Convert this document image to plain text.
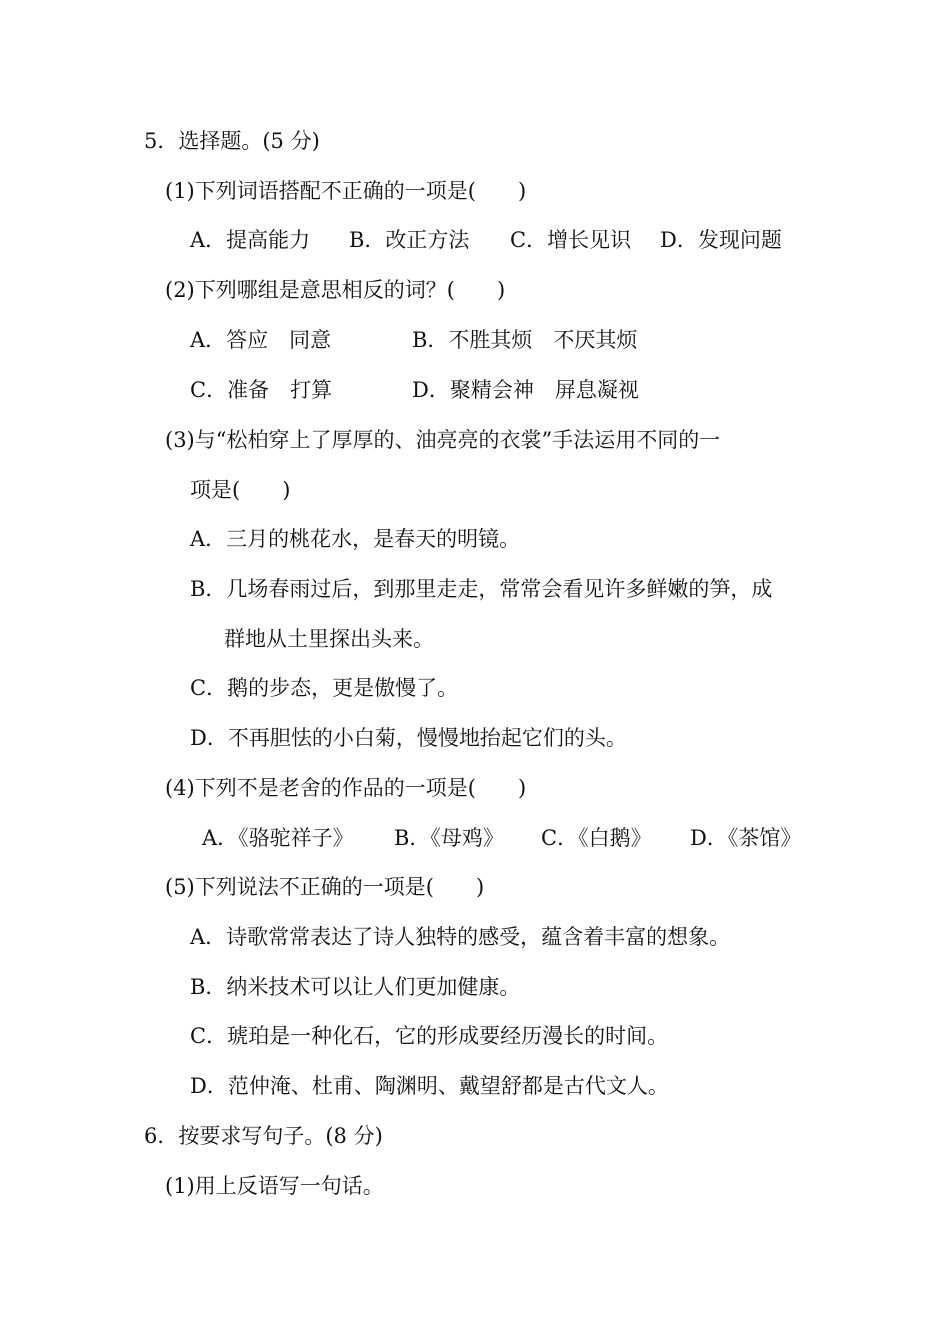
5．选择题。(5 分)
(1)下列词语搭配不正确的一项是(　　)
A．提高能力 B．改正方法 C．增长见识 D．发现问题
(2)下列哪组是意思相反的词？(　　)
A．答应　同意	B．不胜其烦　不厌其烦
C．准备　打算	D．聚精会神　屏息凝视
(3)与“松柏穿上了厚厚的、油亮亮的衣裳”手法运用不同的一
项是(　　)
A．三月的桃花水，是春天的明镜。
B．几场春雨过后，到那里走走，常常会看见许多鲜嫩的笋，成
群地从土里探出头来。
C．鹅的步态，更是傲慢了。
D．不再胆怯的小白菊，慢慢地抬起它们的头。
(4)下列不是老舍的作品的一项是(　　)
A．《骆驼祥子》 B．《母鸡》 C．《白鹅》 D．《茶馆》
(5)下列说法不正确的一项是(　　)
A．诗歌常常表达了诗人独特的感受，蕴含着丰富的想象。
B．纳米技术可以让人们更加健康。
C．琥珀是一种化石，它的形成要经历漫长的时间。
D．范仲淹、杜甫、陶渊明、戴望舒都是古代文人。
6．按要求写句子。(8 分)
(1)用上反语写一句话。
